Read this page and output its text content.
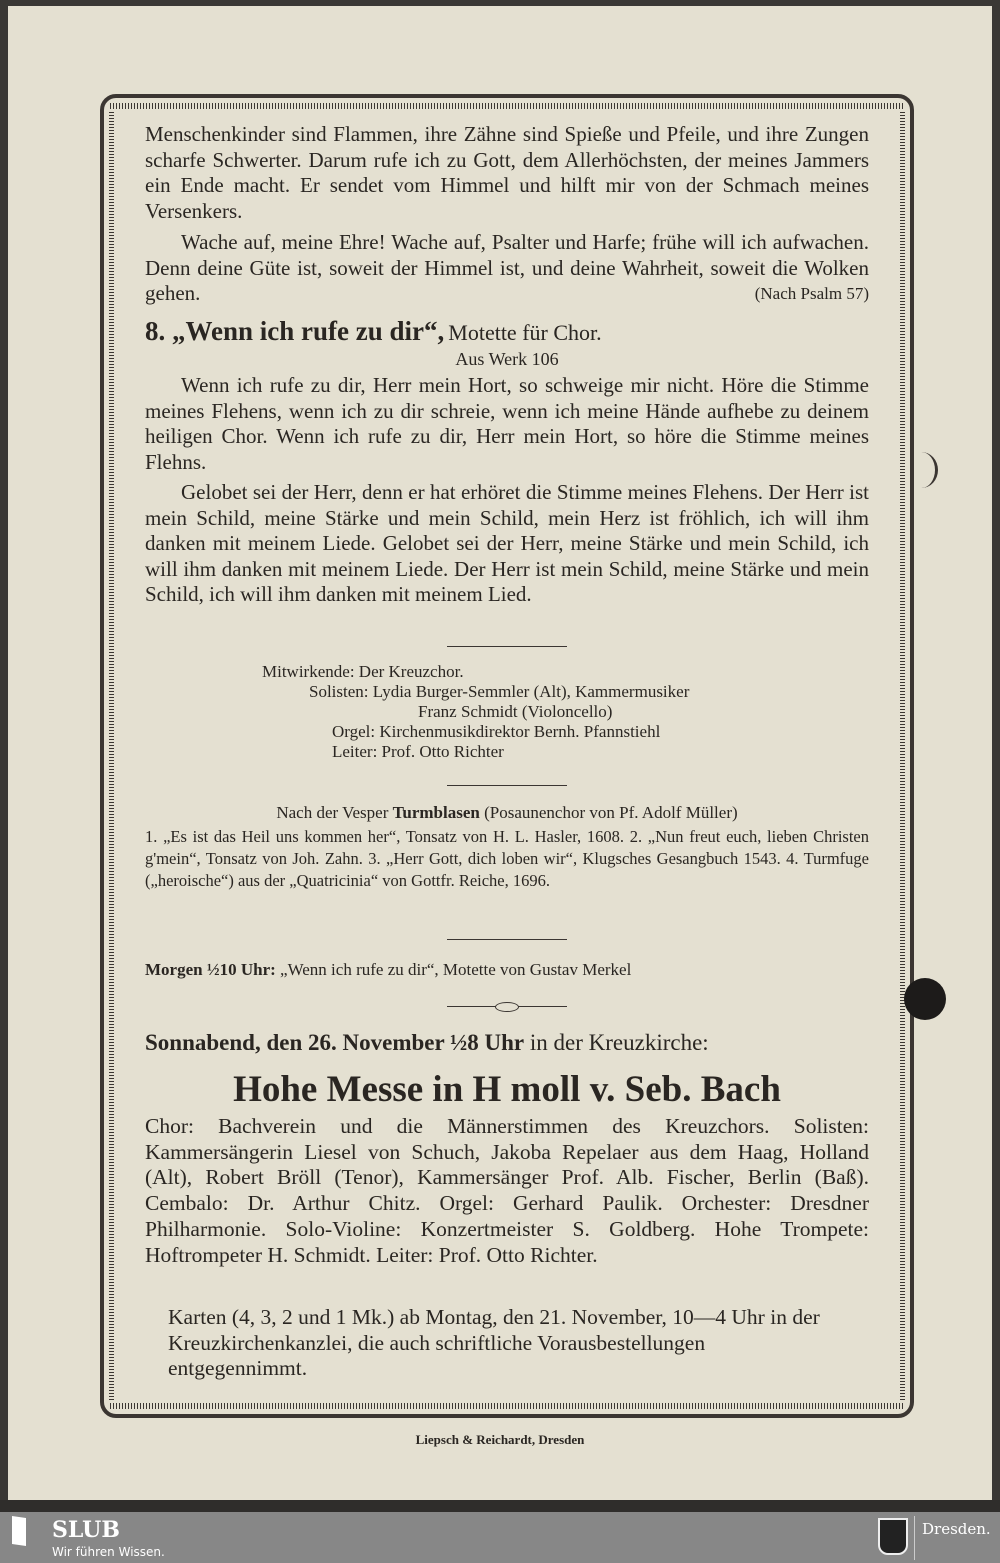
Menschenkinder sind Flammen, ihre Zähne sind Spieße und Pfeile, und ihre Zungen scharfe Schwerter. Darum rufe ich zu Gott, dem Allerhöchsten, der meines Jammers ein Ende macht. Er sendet vom Himmel und hilft mir von der Schmach meines Versenkers.

Wache auf, meine Ehre! Wache auf, Psalter und Harfe; frühe will ich aufwachen. Denn deine Güte ist, soweit der Himmel ist, und deine Wahrheit, soweit die Wolken gehen.	(Nach Psalm 57)

8. „Wenn ich rufe zu dir“, Motette für Chor.
Aus Werk 106

Wenn ich rufe zu dir, Herr mein Hort, so schweige mir nicht. Höre die Stimme meines Flehens, wenn ich zu dir schreie, wenn ich meine Hände aufhebe zu deinem heiligen Chor. Wenn ich rufe zu dir, Herr mein Hort, so höre die Stimme meines Flehns.

Gelobet sei der Herr, denn er hat erhöret die Stimme meines Flehens. Der Herr ist mein Schild, meine Stärke und mein Schild, mein Herz ist fröhlich, ich will ihm danken mit meinem Liede. Gelobet sei der Herr, meine Stärke und mein Schild, ich will ihm danken mit meinem Liede. Der Herr ist mein Schild, meine Stärke und mein Schild, ich will ihm danken mit meinem Lied.

Mitwirkende: Der Kreuzchor.
Solisten: Lydia Burger-Semmler (Alt), Kammermusiker
Franz Schmidt (Violoncello)
Orgel: Kirchenmusikdirektor Bernh. Pfannstiehl
Leiter: Prof. Otto Richter
Nach der Vesper Turmblasen (Posaunenchor von Pf. Adolf Müller)

1. „Es ist das Heil uns kommen her“, Tonsatz von H. L. Hasler, 1608. 2. „Nun freut euch, lieben Christen g'mein“, Tonsatz von Joh. Zahn. 3. „Herr Gott, dich loben wir“, Klugsches Gesangbuch 1543. 4. Turmfuge („heroische“) aus der „Quatricinia“ von Gottfr. Reiche, 1696.

Morgen ½10 Uhr: „Wenn ich rufe zu dir“, Motette von Gustav Merkel
Sonnabend, den 26. November ½8 Uhr in der Kreuzkirche:
Hohe Messe in H moll v. Seb. Bach

Chor: Bachverein und die Männerstimmen des Kreuzchors. Solisten: Kammersängerin Liesel von Schuch, Jakoba Repelaer aus dem Haag, Holland (Alt), Robert Bröll (Tenor), Kammersänger Prof. Alb. Fischer, Berlin (Baß). Cembalo: Dr. Arthur Chitz. Orgel: Gerhard Paulik. Orchester: Dresdner Philharmonie. Solo-Violine: Konzertmeister S. Goldberg. Hohe Trompete: Hoftrompeter H. Schmidt. Leiter: Prof. Otto Richter.

Karten (4, 3, 2 und 1 Mk.) ab Montag, den 21. November, 10—4 Uhr in der Kreuzkirchenkanzlei, die auch schriftliche Vorausbestellungen entgegennimmt.

Liepsch & Reichardt, Dresden
SLUB
Wir führen Wissen.
Dresden.
